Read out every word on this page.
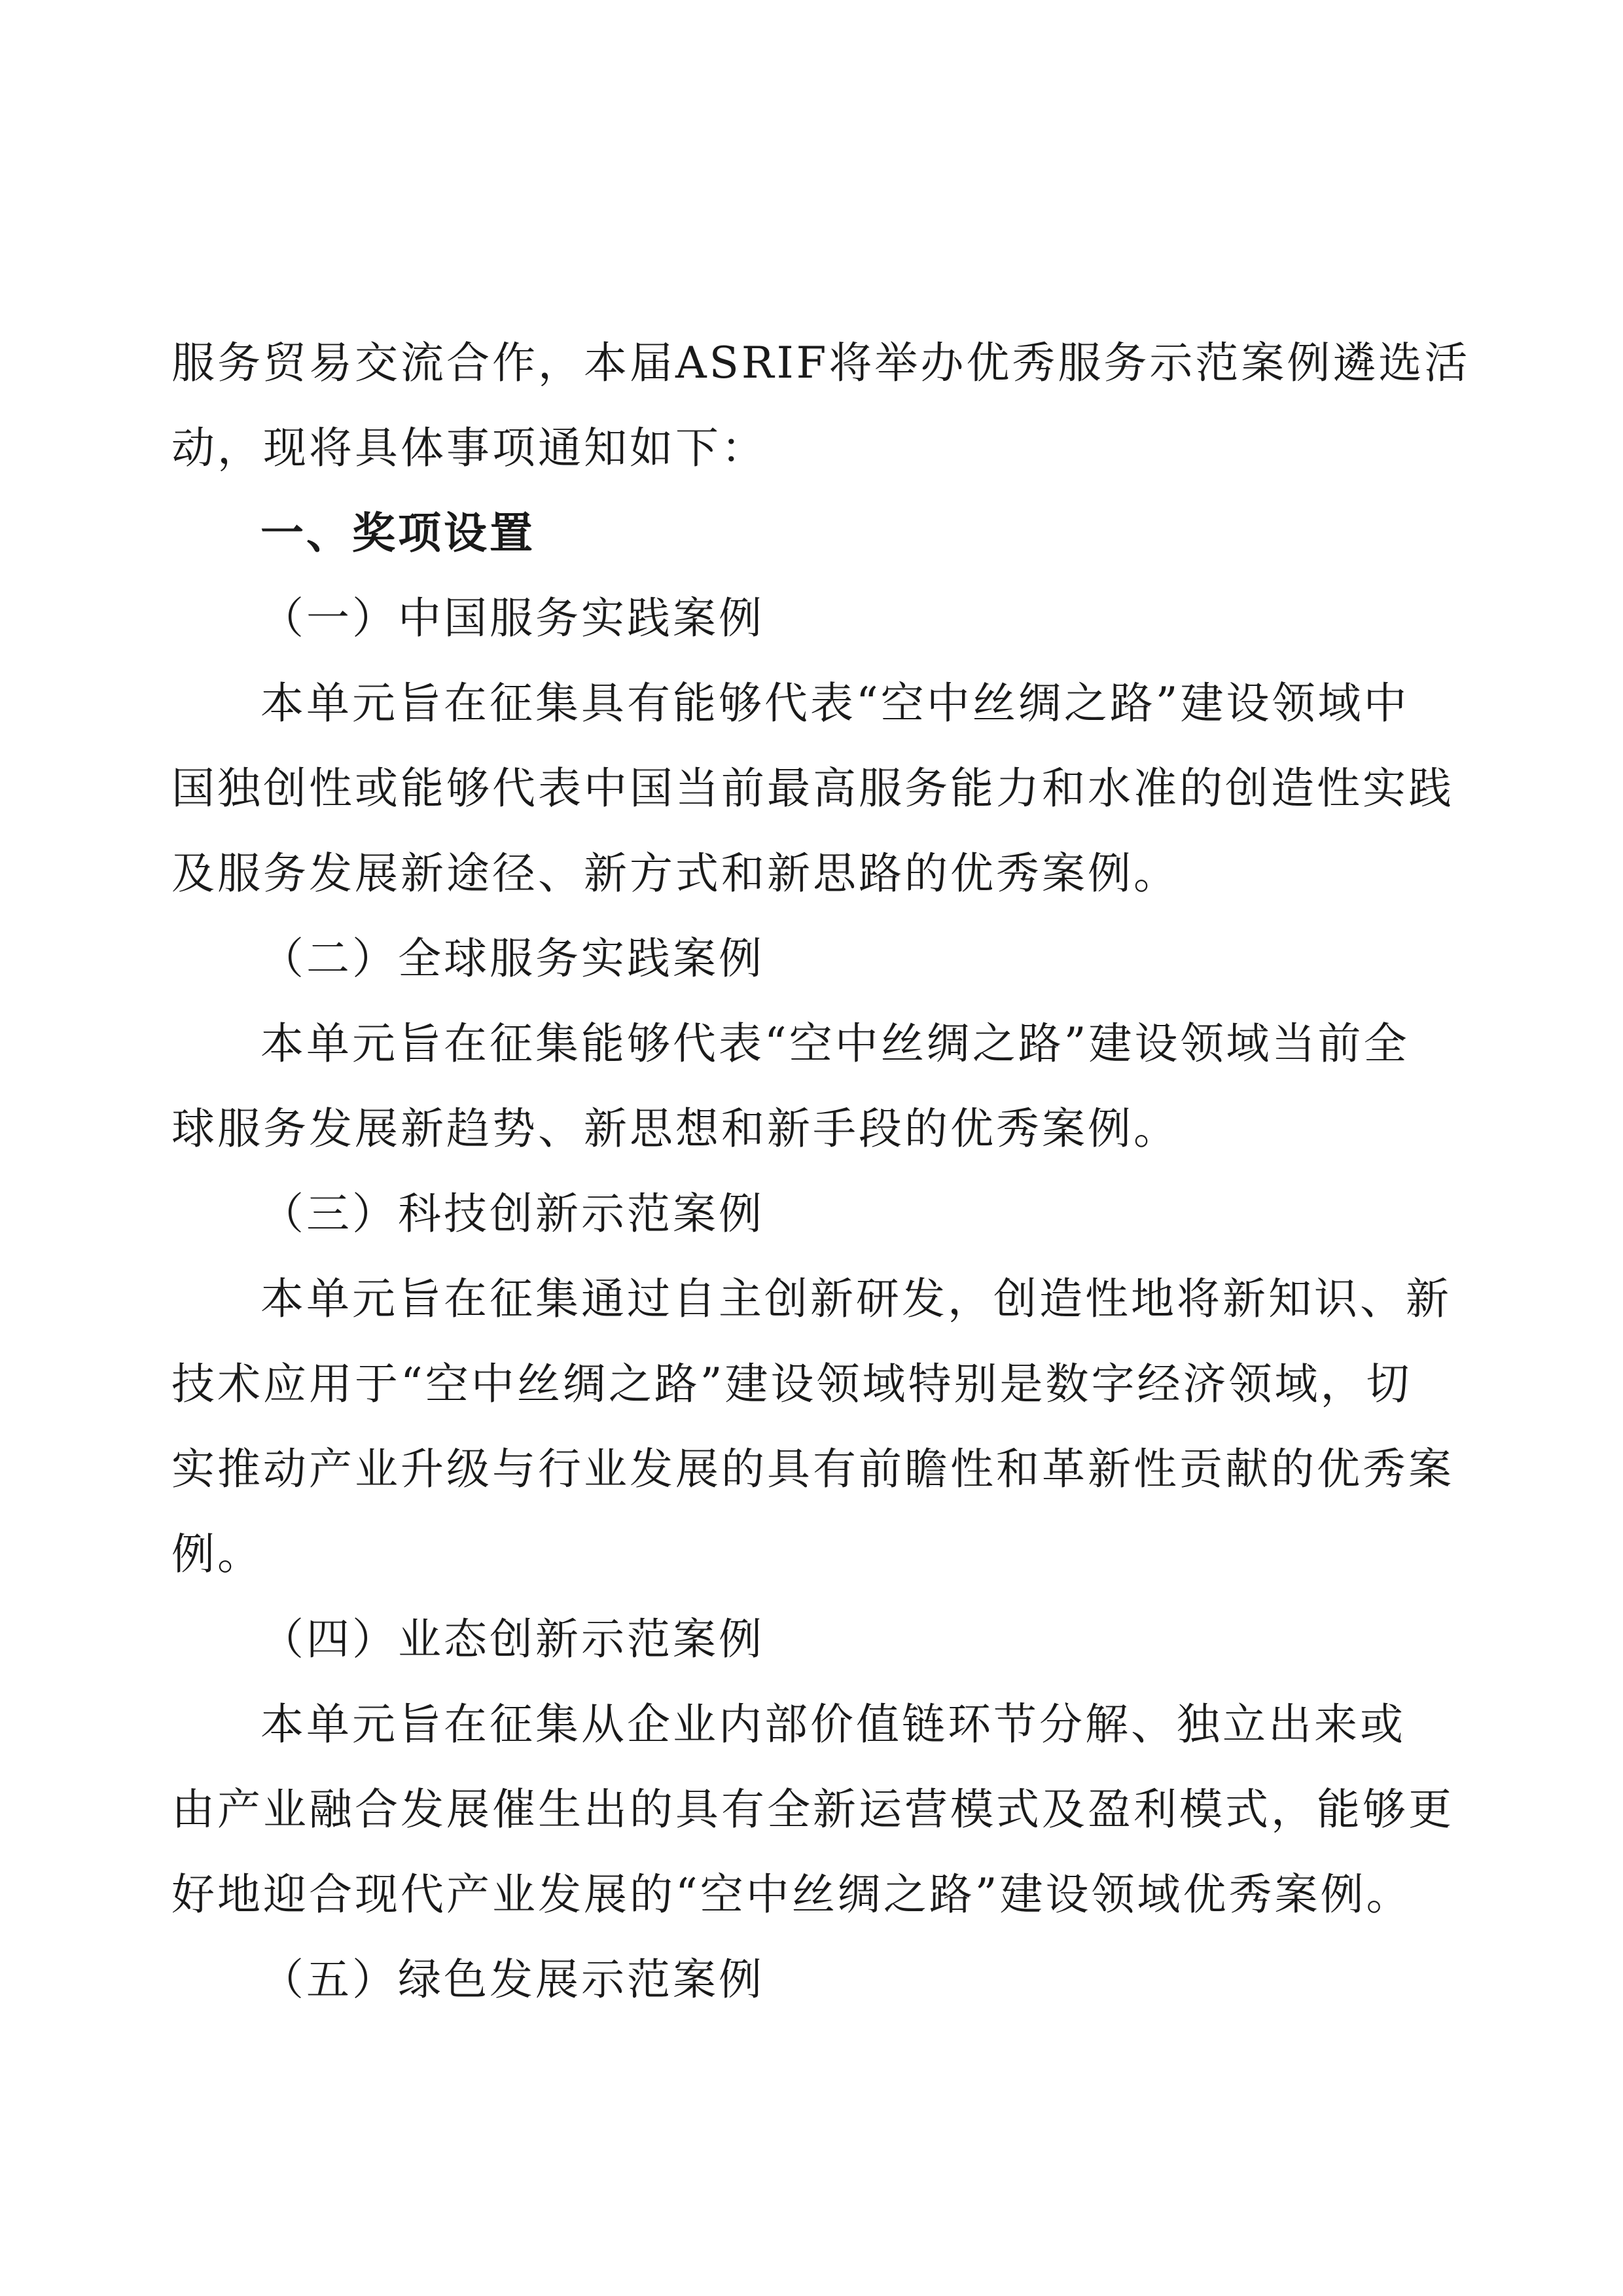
服务贸易交流合作，本届ASRIF将举办优秀服务示范案例遴选活
动，现将具体事项通知如下：
一、奖项设置
（一）中国服务实践案例
本单元旨在征集具有能够代表“空中丝绸之路”建设领域中
国独创性或能够代表中国当前最高服务能力和水准的创造性实践
及服务发展新途径、新方式和新思路的优秀案例。
（二）全球服务实践案例
本单元旨在征集能够代表“空中丝绸之路”建设领域当前全
球服务发展新趋势、新思想和新手段的优秀案例。
（三）科技创新示范案例
本单元旨在征集通过自主创新研发，创造性地将新知识、新
技术应用于“空中丝绸之路”建设领域特别是数字经济领域，切
实推动产业升级与行业发展的具有前瞻性和革新性贡献的优秀案
例。
（四）业态创新示范案例
本单元旨在征集从企业内部价值链环节分解、独立出来或
由产业融合发展催生出的具有全新运营模式及盈利模式，能够更
好地迎合现代产业发展的“空中丝绸之路”建设领域优秀案例。
（五）绿色发展示范案例
